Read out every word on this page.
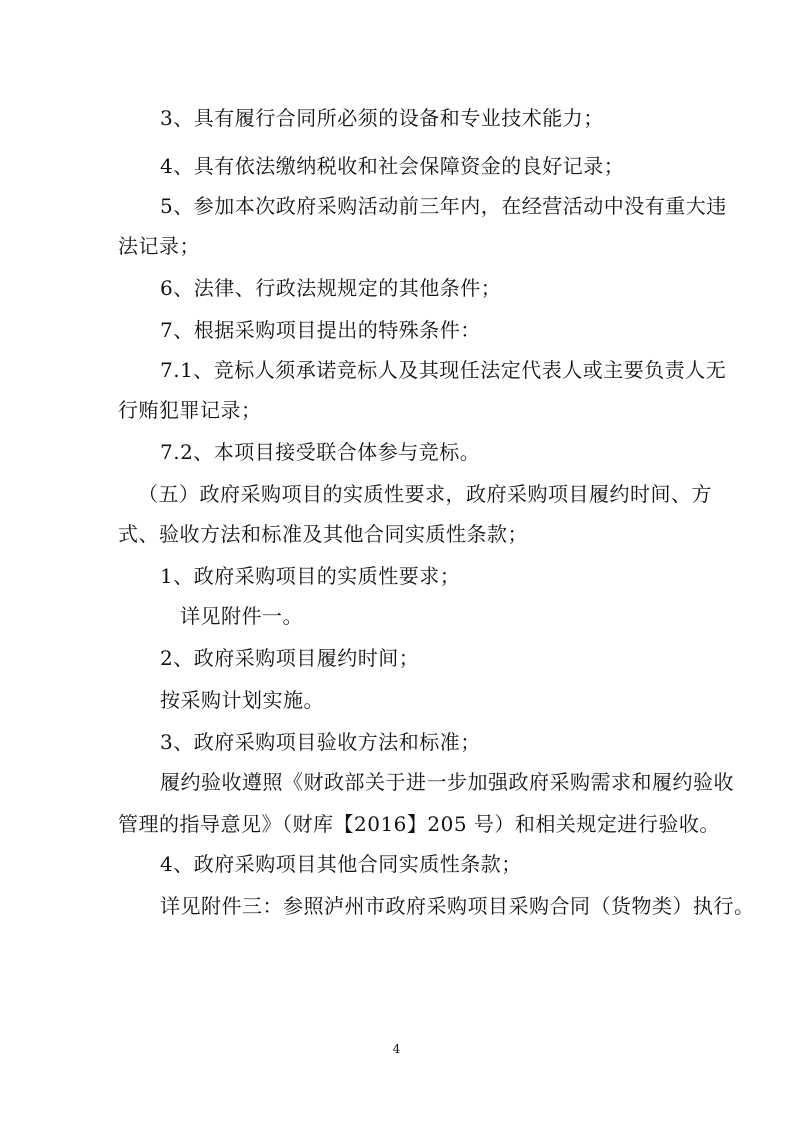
3、具有履行合同所必须的设备和专业技术能力；
4、具有依法缴纳税收和社会保障资金的良好记录；
5、参加本次政府采购活动前三年内，在经营活动中没有重大违
法记录；
6、法律、行政法规规定的其他条件；
7、根据采购项目提出的特殊条件：
7.1、竞标人须承诺竞标人及其现任法定代表人或主要负责人无
行贿犯罪记录；
7.2、本项目接受联合体参与竞标。
（五）政府采购项目的实质性要求，政府采购项目履约时间、方
式、验收方法和标准及其他合同实质性条款；
1、政府采购项目的实质性要求；
详见附件一。
2、政府采购项目履约时间；
按采购计划实施。
3、政府采购项目验收方法和标准；
履约验收遵照《财政部关于进一步加强政府采购需求和履约验收
管理的指导意见》（财库【2016】205 号）和相关规定进行验收。
4、政府采购项目其他合同实质性条款；
详见附件三：参照泸州市政府采购项目采购合同（货物类）执行。
4
